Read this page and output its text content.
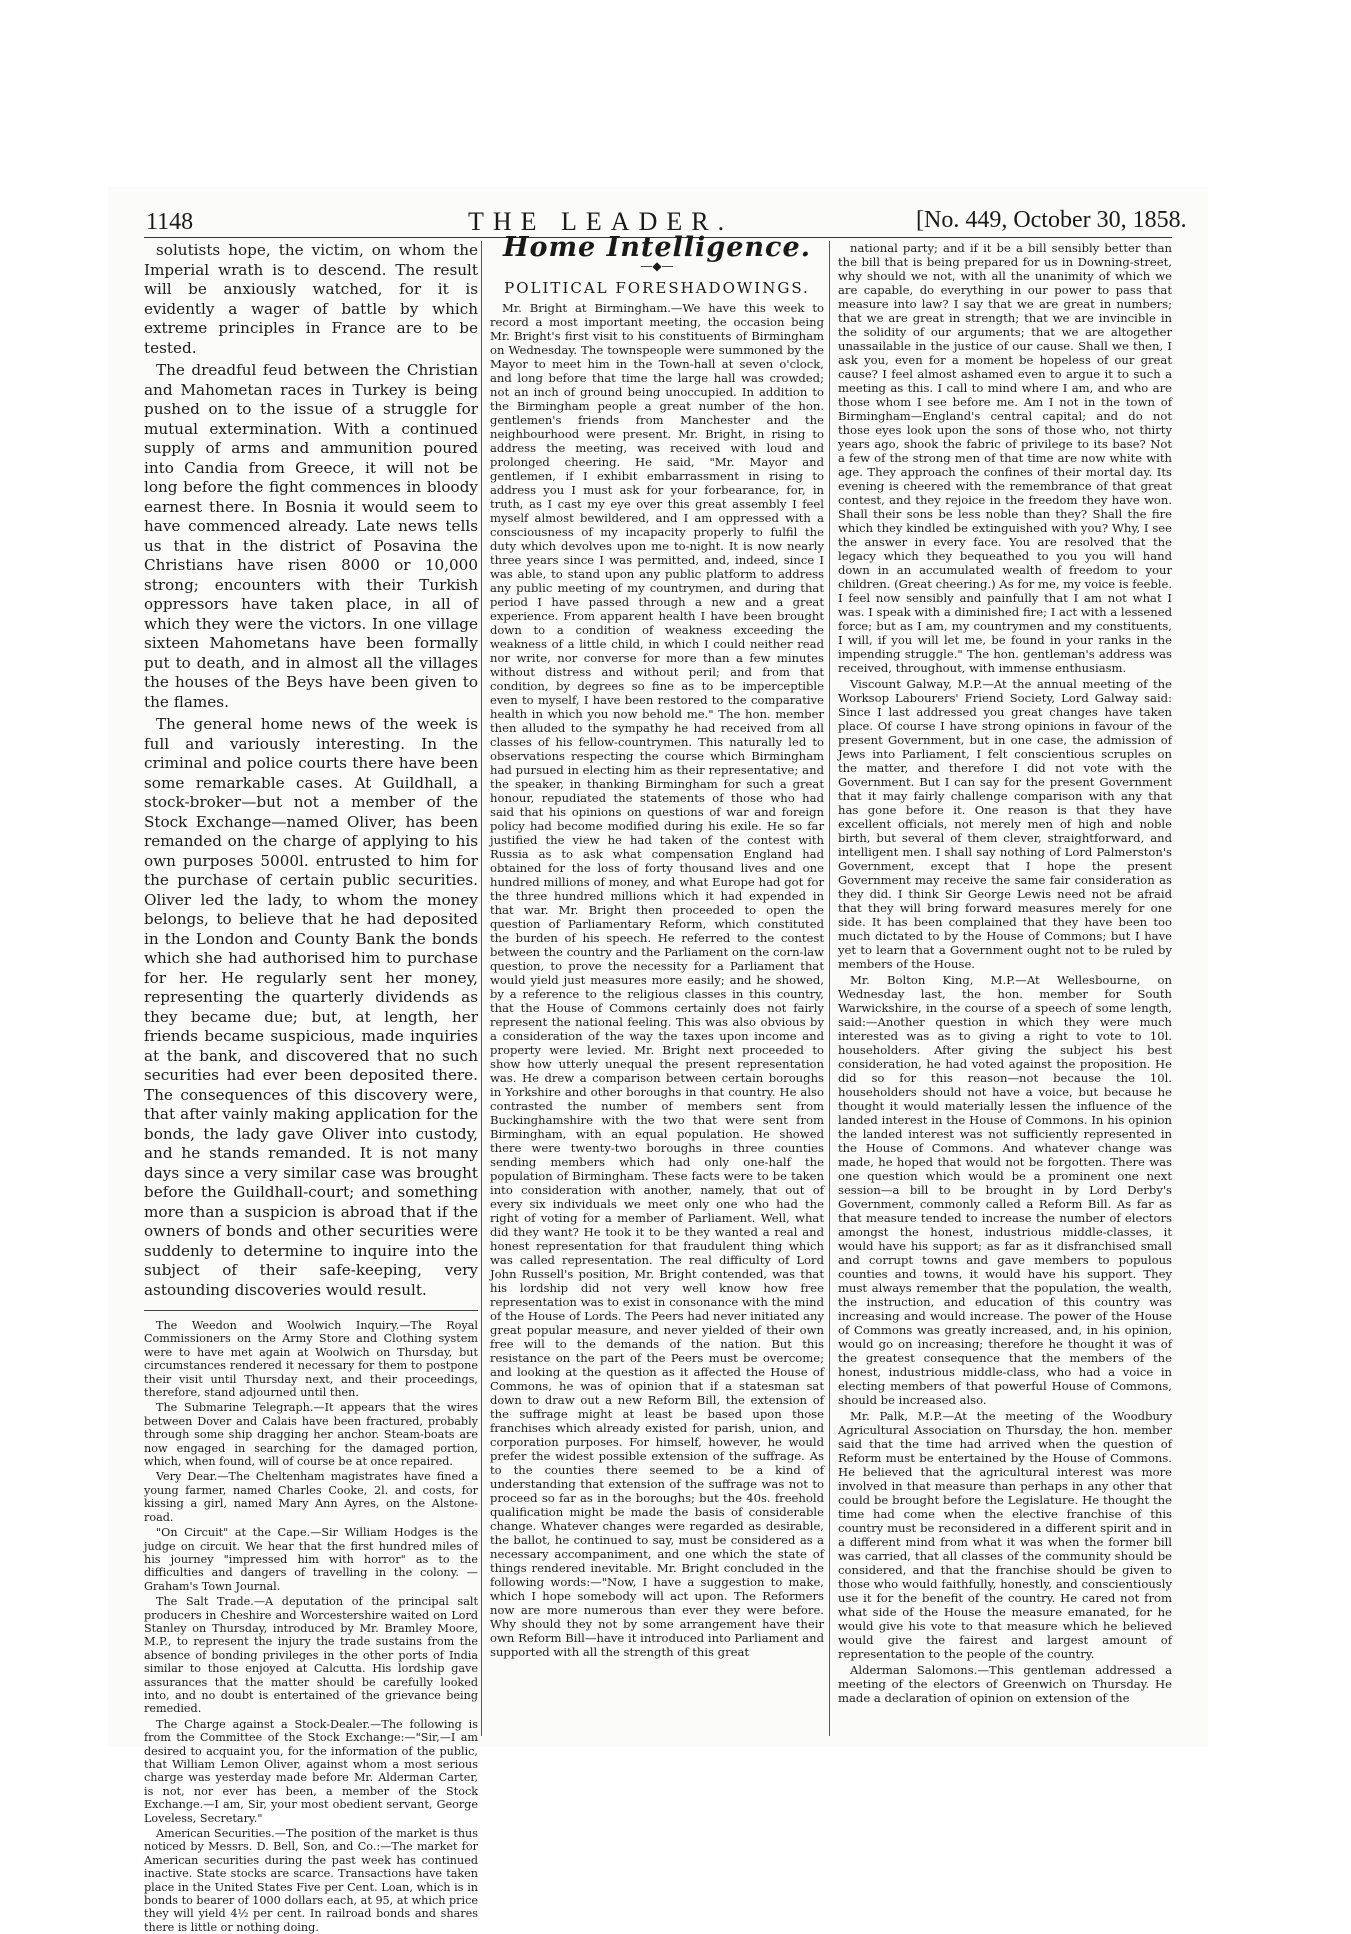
1148	THE LEADER.	[No. 449, October 30, 1858.

solutists hope, the victim, on whom the Imperial wrath is to descend. The result will be anxiously watched, for it is evidently a wager of battle by which extreme principles in France are to be tested.

The dreadful feud between the Christian and Mahometan races in Turkey is being pushed on to the issue of a struggle for mutual extermination. With a continued supply of arms and ammunition poured into Candia from Greece, it will not be long before the fight commences in bloody earnest there. In Bosnia it would seem to have commenced already. Late news tells us that in the district of Posavina the Christians have risen 8000 or 10,000 strong; encounters with their Turkish oppressors have taken place, in all of which they were the victors. In one village sixteen Mahometans have been formally put to death, and in almost all the villages the houses of the Beys have been given to the flames.

The general home news of the week is full and variously interesting. In the criminal and police courts there have been some remarkable cases. At Guildhall, a stock-broker—but not a member of the Stock Exchange—named Oliver, has been remanded on the charge of applying to his own purposes 5000l. entrusted to him for the purchase of certain public securities. Oliver led the lady, to whom the money belongs, to believe that he had deposited in the London and County Bank the bonds which she had authorised him to purchase for her. He regularly sent her money, representing the quarterly dividends as they became due; but, at length, her friends became suspicious, made inquiries at the bank, and discovered that no such securities had ever been deposited there. The consequences of this discovery were, that after vainly making application for the bonds, the lady gave Oliver into custody, and he stands remanded. It is not many days since a very similar case was brought before the Guildhall-court; and something more than a suspicion is abroad that if the owners of bonds and other securities were suddenly to determine to inquire into the subject of their safe-keeping, very astounding discoveries would result.

The Weedon and Woolwich Inquiry.—The Royal Commissioners on the Army Store and Clothing system were to have met again at Woolwich on Thursday, but circumstances rendered it necessary for them to postpone their visit until Thursday next, and their proceedings, therefore, stand adjourned until then.

The Submarine Telegraph.—It appears that the wires between Dover and Calais have been fractured, probably through some ship dragging her anchor. Steam-boats are now engaged in searching for the damaged portion, which, when found, will of course be at once repaired.

Very Dear.—The Cheltenham magistrates have fined a young farmer, named Charles Cooke, 2l. and costs, for kissing a girl, named Mary Ann Ayres, on the Alstone-road.

"On Circuit" at the Cape.—Sir William Hodges is the judge on circuit. We hear that the first hundred miles of his journey "impressed him with horror" as to the difficulties and dangers of travelling in the colony. —Graham's Town Journal.

The Salt Trade.—A deputation of the principal salt producers in Cheshire and Worcestershire waited on Lord Stanley on Thursday, introduced by Mr. Bramley Moore, M.P., to represent the injury the trade sustains from the absence of bonding privileges in the other ports of India similar to those enjoyed at Calcutta. His lordship gave assurances that the matter should be carefully looked into, and no doubt is entertained of the grievance being remedied.

The Charge against a Stock-Dealer.—The following is from the Committee of the Stock Exchange:—"Sir,—I am desired to acquaint you, for the information of the public, that William Lemon Oliver, against whom a most serious charge was yesterday made before Mr. Alderman Carter, is not, nor ever has been, a member of the Stock Exchange.—I am, Sir, your most obedient servant, George Loveless, Secretary."

American Securities.—The position of the market is thus noticed by Messrs. D. Bell, Son, and Co.:—The market for American securities during the past week has continued inactive. State stocks are scarce. Transactions have taken place in the United States Five per Cent. Loan, which is in bonds to bearer of 1000 dollars each, at 95, at which price they will yield 4½ per cent. In railroad bonds and shares there is little or nothing doing.

Home Intelligence.
—◆—
POLITICAL FORESHADOWINGS.

Mr. Bright at Birmingham.—We have this week to record a most important meeting, the occasion being Mr. Bright's first visit to his constituents of Birmingham on Wednesday. The townspeople were summoned by the Mayor to meet him in the Town-hall at seven o'clock, and long before that time the large hall was crowded; not an inch of ground being unoccupied. In addition to the Birmingham people a great number of the hon. gentlemen's friends from Manchester and the neighbourhood were present. Mr. Bright, in rising to address the meeting, was received with loud and prolonged cheering. He said, "Mr. Mayor and gentlemen, if I exhibit embarrassment in rising to address you I must ask for your forbearance, for, in truth, as I cast my eye over this great assembly I feel myself almost bewildered, and I am oppressed with a consciousness of my incapacity properly to fulfil the duty which devolves upon me to-night. It is now nearly three years since I was permitted, and, indeed, since I was able, to stand upon any public platform to address any public meeting of my countrymen, and during that period I have passed through a new and a great experience. From apparent health I have been brought down to a condition of weakness exceeding the weakness of a little child, in which I could neither read nor write, nor converse for more than a few minutes without distress and without peril; and from that condition, by degrees so fine as to be imperceptible even to myself, I have been restored to the comparative health in which you now behold me." The hon. member then alluded to the sympathy he had received from all classes of his fellow-countrymen. This naturally led to observations respecting the course which Birmingham had pursued in electing him as their representative; and the speaker, in thanking Birmingham for such a great honour, repudiated the statements of those who had said that his opinions on questions of war and foreign policy had become modified during his exile. He so far justified the view he had taken of the contest with Russia as to ask what compensation England had obtained for the loss of forty thousand lives and one hundred millions of money, and what Europe had got for the three hundred millions which it had expended in that war. Mr. Bright then proceeded to open the question of Parliamentary Reform, which constituted the burden of his speech. He referred to the contest between the country and the Parliament on the corn-law question, to prove the necessity for a Parliament that would yield just measures more easily; and he showed, by a reference to the religious classes in this country, that the House of Commons certainly does not fairly represent the national feeling. This was also obvious by a consideration of the way the taxes upon income and property were levied. Mr. Bright next proceeded to show how utterly unequal the present representation was. He drew a comparison between certain boroughs in Yorkshire and other boroughs in that country. He also contrasted the number of members sent from Buckinghamshire with the two that were sent from Birmingham, with an equal population. He showed there were twenty-two boroughs in three counties sending members which had only one-half the population of Birmingham. These facts were to be taken into consideration with another, namely, that out of every six individuals we meet only one who had the right of voting for a member of Parliament. Well, what did they want? He took it to be they wanted a real and honest representation for that fraudulent thing which was called representation. The real difficulty of Lord John Russell's position, Mr. Bright contended, was that his lordship did not very well know how free representation was to exist in consonance with the mind of the House of Lords. The Peers had never initiated any great popular measure, and never yielded of their own free will to the demands of the nation. But this resistance on the part of the Peers must be overcome; and looking at the question as it affected the House of Commons, he was of opinion that if a statesman sat down to draw out a new Reform Bill, the extension of the suffrage might at least be based upon those franchises which already existed for parish, union, and corporation purposes. For himself, however, he would prefer the widest possible extension of the suffrage. As to the counties there seemed to be a kind of understanding that extension of the suffrage was not to proceed so far as in the boroughs; but the 40s. freehold qualification might be made the basis of considerable change. Whatever changes were regarded as desirable, the ballot, he continued to say, must be considered as a necessary accompaniment, and one which the state of things rendered inevitable. Mr. Bright concluded in the following words:—"Now, I have a suggestion to make, which I hope somebody will act upon. The Reformers now are more numerous than ever they were before. Why should they not by some arrangement have their own Reform Bill—have it introduced into Parliament and supported with all the strength of this great

national party; and if it be a bill sensibly better than the bill that is being prepared for us in Downing-street, why should we not, with all the unanimity of which we are capable, do everything in our power to pass that measure into law? I say that we are great in numbers; that we are great in strength; that we are invincible in the solidity of our arguments; that we are altogether unassailable in the justice of our cause. Shall we then, I ask you, even for a moment be hopeless of our great cause? I feel almost ashamed even to argue it to such a meeting as this. I call to mind where I am, and who are those whom I see before me. Am I not in the town of Birmingham—England's central capital; and do not those eyes look upon the sons of those who, not thirty years ago, shook the fabric of privilege to its base? Not a few of the strong men of that time are now white with age. They approach the confines of their mortal day. Its evening is cheered with the remembrance of that great contest, and they rejoice in the freedom they have won. Shall their sons be less noble than they? Shall the fire which they kindled be extinguished with you? Why, I see the answer in every face. You are resolved that the legacy which they bequeathed to you you will hand down in an accumulated wealth of freedom to your children. (Great cheering.) As for me, my voice is feeble. I feel now sensibly and painfully that I am not what I was. I speak with a diminished fire; I act with a lessened force; but as I am, my countrymen and my constituents, I will, if you will let me, be found in your ranks in the impending struggle." The hon. gentleman's address was received, throughout, with immense enthusiasm.

Viscount Galway, M.P.—At the annual meeting of the Worksop Labourers' Friend Society, Lord Galway said: Since I last addressed you great changes have taken place. Of course I have strong opinions in favour of the present Government, but in one case, the admission of Jews into Parliament, I felt conscientious scruples on the matter, and therefore I did not vote with the Government. But I can say for the present Government that it may fairly challenge comparison with any that has gone before it. One reason is that they have excellent officials, not merely men of high and noble birth, but several of them clever, straightforward, and intelligent men. I shall say nothing of Lord Palmerston's Government, except that I hope the present Government may receive the same fair consideration as they did. I think Sir George Lewis need not be afraid that they will bring forward measures merely for one side. It has been complained that they have been too much dictated to by the House of Commons; but I have yet to learn that a Government ought not to be ruled by members of the House.

Mr. Bolton King, M.P.—At Wellesbourne, on Wednesday last, the hon. member for South Warwickshire, in the course of a speech of some length, said:—Another question in which they were much interested was as to giving a right to vote to 10l. householders. After giving the subject his best consideration, he had voted against the proposition. He did so for this reason—not because the 10l. householders should not have a voice, but because he thought it would materially lessen the influence of the landed interest in the House of Commons. In his opinion the landed interest was not sufficiently represented in the House of Commons. And whatever change was made, he hoped that would not be forgotten. There was one question which would be a prominent one next session—a bill to be brought in by Lord Derby's Government, commonly called a Reform Bill. As far as that measure tended to increase the number of electors amongst the honest, industrious middle-classes, it would have his support; as far as it disfranchised small and corrupt towns and gave members to populous counties and towns, it would have his support. They must always remember that the population, the wealth, the instruction, and education of this country was increasing and would increase. The power of the House of Commons was greatly increased, and, in his opinion, would go on increasing; therefore he thought it was of the greatest consequence that the members of the honest, industrious middle-class, who had a voice in electing members of that powerful House of Commons, should be increased also.

Mr. Palk, M.P.—At the meeting of the Woodbury Agricultural Association on Thursday, the hon. member said that the time had arrived when the question of Reform must be entertained by the House of Commons. He believed that the agricultural interest was more involved in that measure than perhaps in any other that could be brought before the Legislature. He thought the time had come when the elective franchise of this country must be reconsidered in a different spirit and in a different mind from what it was when the former bill was carried, that all classes of the community should be considered, and that the franchise should be given to those who would faithfully, honestly, and conscientiously use it for the benefit of the country. He cared not from what side of the House the measure emanated, for he would give his vote to that measure which he believed would give the fairest and largest amount of representation to the people of the country.

Alderman Salomons.—This gentleman addressed a meeting of the electors of Greenwich on Thursday. He made a declaration of opinion on extension of the
